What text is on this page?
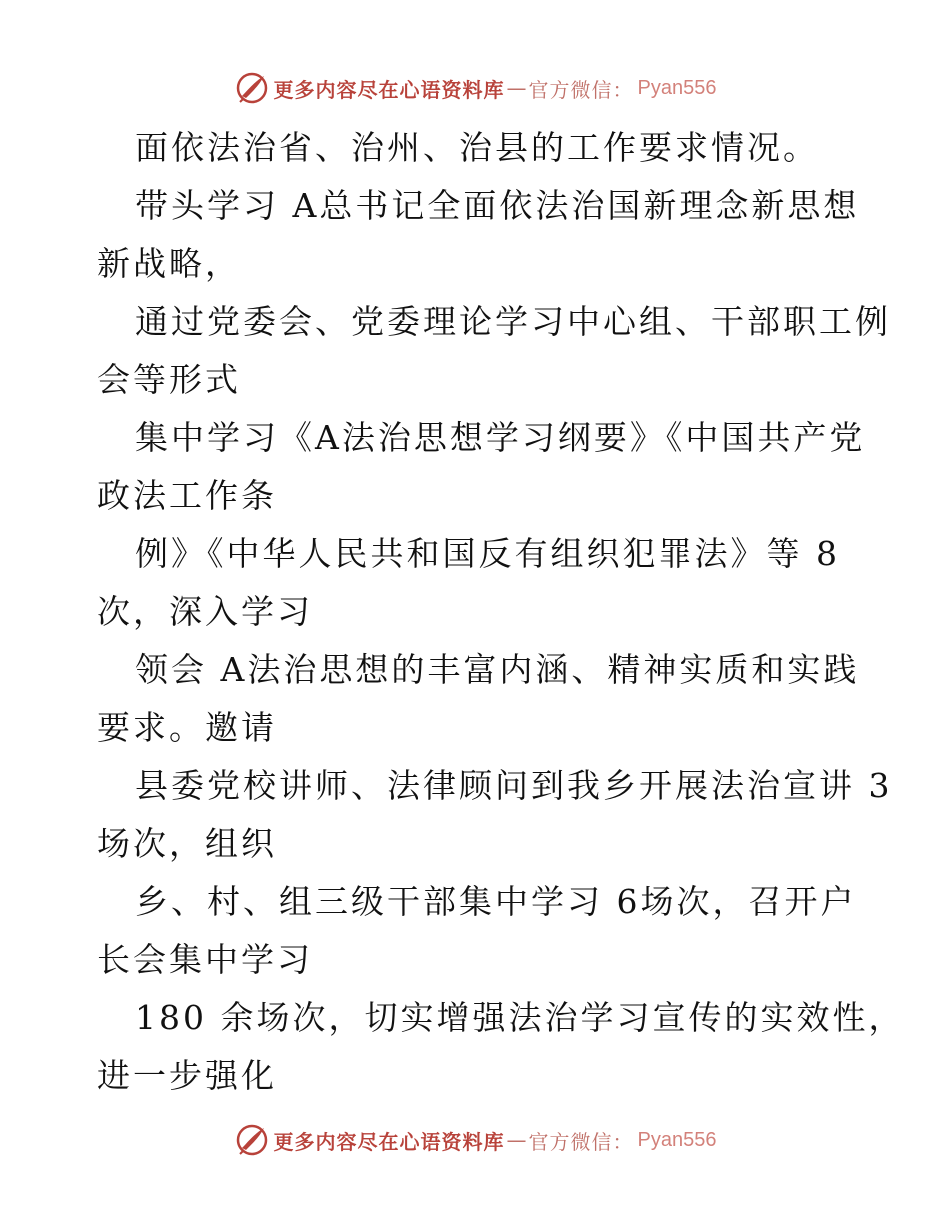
更多内容尽在心语资料库 — 官方微信： Pyan556
面依法治省、治州、治县的工作要求情况。
带头学习 A总书记全面依法治国新理念新思想
新战略，
通过党委会、党委理论学习中心组、干部职工例
会等形式
集中学习《A法治思想学习纲要》《中国共产党
政法工作条
例》《中华人民共和国反有组织犯罪法》等 8
次，深入学习
领会 A法治思想的丰富内涵、精神实质和实践
要求。邀请
县委党校讲师、法律顾问到我乡开展法治宣讲 3
场次，组织
乡、村、组三级干部集中学习 6场次，召开户
长会集中学习
180 余场次，切实增强法治学习宣传的实效性，
进一步强化
更多内容尽在心语资料库 — 官方微信： Pyan556
